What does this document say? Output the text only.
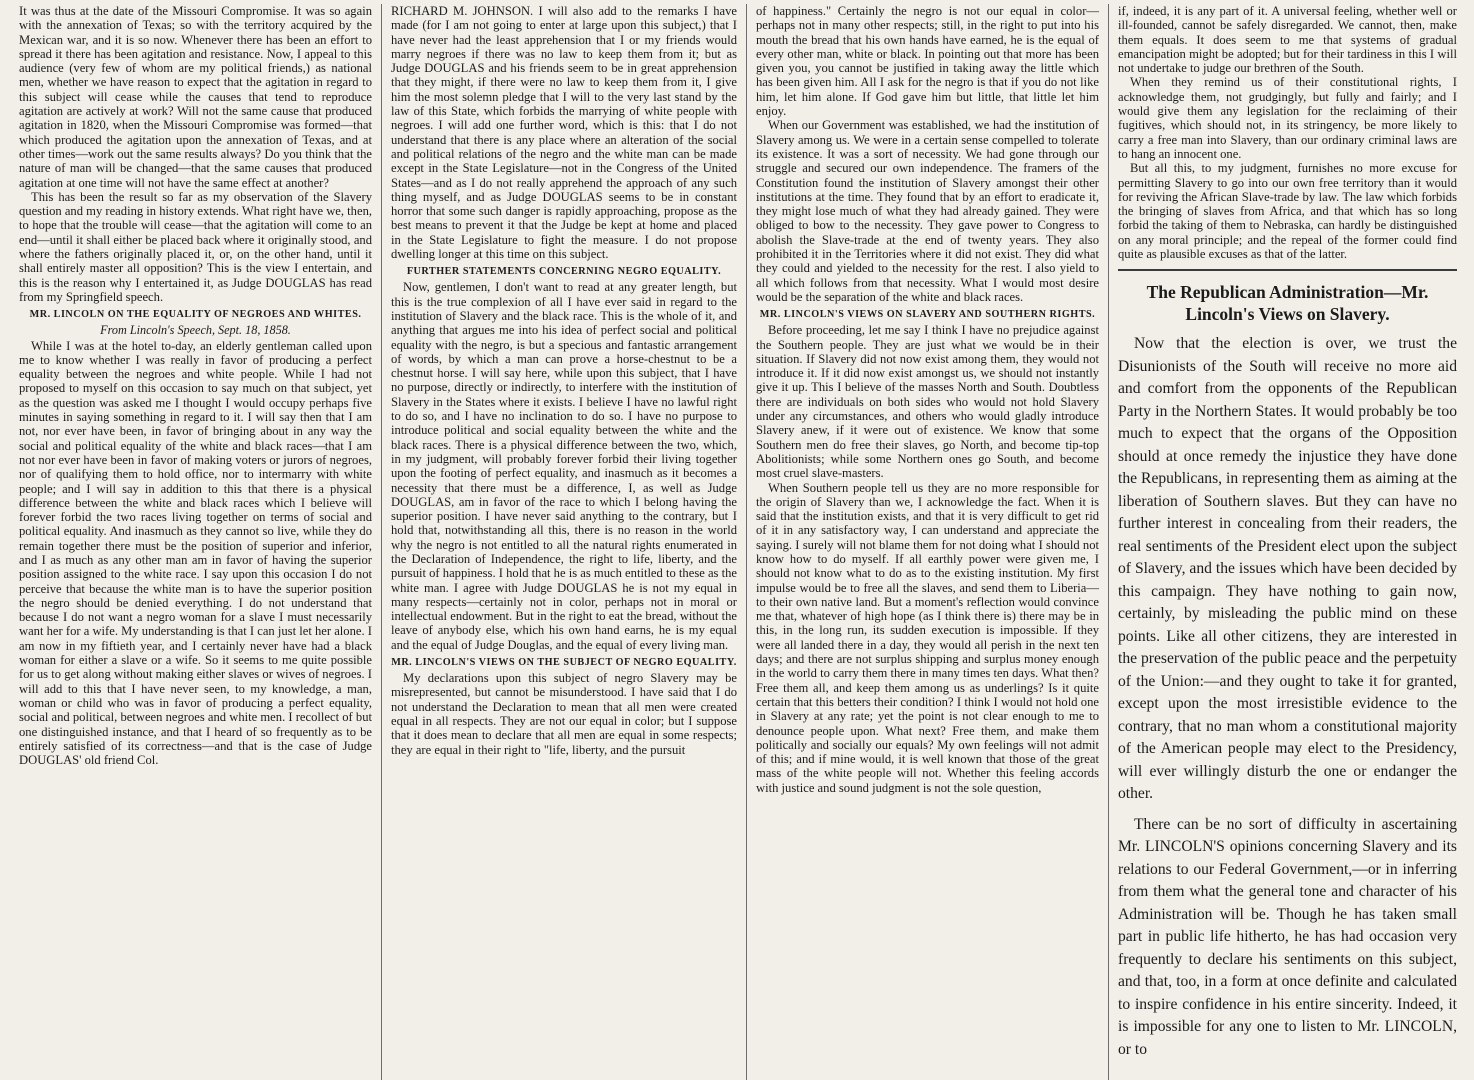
It was thus at the date of the Missouri Compromise. It was so again with the annexation of Texas; so with the territory acquired by the Mexican war, and it is so now. Whenever there has been an effort to spread it there has been agitation and resistance. Now, I appeal to this audience (very few of whom are my political friends,) as national men, whether we have reason to expect that the agitation in regard to this subject will cease while the causes that tend to reproduce agitation are actively at work? Will not the same cause that produced agitation in 1820, when the Missouri Compromise was formed—that which produced the agitation upon the annexation of Texas, and at other times—work out the same results always? Do you think that the nature of man will be changed—that the same causes that produced agitation at one time will not have the same effect at another?

This has been the result so far as my observation of the Slavery question and my reading in history extends. What right have we, then, to hope that the trouble will cease—that the agitation will come to an end—until it shall either be placed back where it originally stood, and where the fathers originally placed it, or, on the other hand, until it shall entirely master all opposition? This is the view I entertain, and this is the reason why I entertained it, as Judge DOUGLAS has read from my Springfield speech.

MR. LINCOLN ON THE EQUALITY OF NEGROES AND WHITES.
From Lincoln's Speech, Sept. 18, 1858.

While I was at the hotel to-day, an elderly gentleman called upon me to know whether I was really in favor of producing a perfect equality between the negroes and white people. While I had not proposed to myself on this occasion to say much on that subject, yet as the question was asked me I thought I would occupy perhaps five minutes in saying something in regard to it. I will say then that I am not, nor ever have been, in favor of bringing about in any way the social and political equality of the white and black races—that I am not nor ever have been in favor of making voters or jurors of negroes, nor of qualifying them to hold office, nor to intermarry with white people; and I will say in addition to this that there is a physical difference between the white and black races which I believe will forever forbid the two races living together on terms of social and political equality. And inasmuch as they cannot so live, while they do remain together there must be the position of superior and inferior, and I as much as any other man am in favor of having the superior position assigned to the white race. I say upon this occasion I do not perceive that because the white man is to have the superior position the negro should be denied everything. I do not understand that because I do not want a negro woman for a slave I must necessarily want her for a wife. My understanding is that I can just let her alone. I am now in my fiftieth year, and I certainly never have had a black woman for either a slave or a wife. So it seems to me quite possible for us to get along without making either slaves or wives of negroes. I will add to this that I have never seen, to my knowledge, a man, woman or child who was in favor of producing a perfect equality, social and political, between negroes and white men. I recollect of but one distinguished instance, and that I heard of so frequently as to be entirely satisfied of its correctness—and that is the case of Judge DOUGLAS' old friend Col.

RICHARD M. JOHNSON. I will also add to the remarks I have made (for I am not going to enter at large upon this subject,) that I have never had the least apprehension that I or my friends would marry negroes if there was no law to keep them from it; but as Judge DOUGLAS and his friends seem to be in great apprehension that they might, if there were no law to keep them from it, I give him the most solemn pledge that I will to the very last stand by the law of this State, which forbids the marrying of white people with negroes. I will add one further word, which is this: that I do not understand that there is any place where an alteration of the social and political relations of the negro and the white man can be made except in the State Legislature—not in the Congress of the United States—and as I do not really apprehend the approach of any such thing myself, and as Judge DOUGLAS seems to be in constant horror that some such danger is rapidly approaching, propose as the best means to prevent it that the Judge be kept at home and placed in the State Legislature to fight the measure. I do not propose dwelling longer at this time on this subject.

FURTHER STATEMENTS CONCERNING NEGRO EQUALITY.

Now, gentlemen, I don't want to read at any greater length, but this is the true complexion of all I have ever said in regard to the institution of Slavery and the black race. This is the whole of it, and anything that argues me into his idea of perfect social and political equality with the negro, is but a specious and fantastic arrangement of words, by which a man can prove a horse-chestnut to be a chestnut horse. I will say here, while upon this subject, that I have no purpose, directly or indirectly, to interfere with the institution of Slavery in the States where it exists. I believe I have no lawful right to do so, and I have no inclination to do so. I have no purpose to introduce political and social equality between the white and the black races. There is a physical difference between the two, which, in my judgment, will probably forever forbid their living together upon the footing of perfect equality, and inasmuch as it becomes a necessity that there must be a difference, I, as well as Judge DOUGLAS, am in favor of the race to which I belong having the superior position. I have never said anything to the contrary, but I hold that, notwithstanding all this, there is no reason in the world why the negro is not entitled to all the natural rights enumerated in the Declaration of Independence, the right to life, liberty, and the pursuit of happiness. I hold that he is as much entitled to these as the white man. I agree with Judge DOUGLAS he is not my equal in many respects—certainly not in color, perhaps not in moral or intellectual endowment. But in the right to eat the bread, without the leave of anybody else, which his own hand earns, he is my equal and the equal of Judge Douglas, and the equal of every living man.

MR. LINCOLN'S VIEWS ON THE SUBJECT OF NEGRO EQUALITY.

My declarations upon this subject of negro Slavery may be misrepresented, but cannot be misunderstood. I have said that I do not understand the Declaration to mean that all men were created equal in all respects. They are not our equal in color; but I suppose that it does mean to declare that all men are equal in some respects; they are equal in their right to "life, liberty, and the pursuit

of happiness." Certainly the negro is not our equal in color—perhaps not in many other respects; still, in the right to put into his mouth the bread that his own hands have earned, he is the equal of every other man, white or black. In pointing out that more has been given you, you cannot be justified in taking away the little which has been given him. All I ask for the negro is that if you do not like him, let him alone. If God gave him but little, that little let him enjoy.

When our Government was established, we had the institution of Slavery among us. We were in a certain sense compelled to tolerate its existence. It was a sort of necessity. We had gone through our struggle and secured our own independence. The framers of the Constitution found the institution of Slavery amongst their other institutions at the time. They found that by an effort to eradicate it, they might lose much of what they had already gained. They were obliged to bow to the necessity. They gave power to Congress to abolish the Slave-trade at the end of twenty years. They also prohibited it in the Territories where it did not exist. They did what they could and yielded to the necessity for the rest. I also yield to all which follows from that necessity. What I would most desire would be the separation of the white and black races.

MR. LINCOLN'S VIEWS ON SLAVERY AND SOUTHERN RIGHTS.

Before proceeding, let me say I think I have no prejudice against the Southern people. They are just what we would be in their situation. If Slavery did not now exist among them, they would not introduce it. If it did now exist amongst us, we should not instantly give it up. This I believe of the masses North and South. Doubtless there are individuals on both sides who would not hold Slavery under any circumstances, and others who would gladly introduce Slavery anew, if it were out of existence. We know that some Southern men do free their slaves, go North, and become tip-top Abolitionists; while some Northern ones go South, and become most cruel slave-masters.

When Southern people tell us they are no more responsible for the origin of Slavery than we, I acknowledge the fact. When it is said that the institution exists, and that it is very difficult to get rid of it in any satisfactory way, I can understand and appreciate the saying. I surely will not blame them for not doing what I should not know how to do myself. If all earthly power were given me, I should not know what to do as to the existing institution. My first impulse would be to free all the slaves, and send them to Liberia—to their own native land. But a moment's reflection would convince me that, whatever of high hope (as I think there is) there may be in this, in the long run, its sudden execution is impossible. If they were all landed there in a day, they would all perish in the next ten days; and there are not surplus shipping and surplus money enough in the world to carry them there in many times ten days. What then? Free them all, and keep them among us as underlings? Is it quite certain that this betters their condition? I think I would not hold one in Slavery at any rate; yet the point is not clear enough to me to denounce people upon. What next? Free them, and make them politically and socially our equals? My own feelings will not admit of this; and if mine would, it is well known that those of the great mass of the white people will not. Whether this feeling accords with justice and sound judgment is not the sole question,

if, indeed, it is any part of it. A universal feeling, whether well or ill-founded, cannot be safely disregarded. We cannot, then, make them equals. It does seem to me that systems of gradual emancipation might be adopted; but for their tardiness in this I will not undertake to judge our brethren of the South.

When they remind us of their constitutional rights, I acknowledge them, not grudgingly, but fully and fairly; and I would give them any legislation for the reclaiming of their fugitives, which should not, in its stringency, be more likely to carry a free man into Slavery, than our ordinary criminal laws are to hang an innocent one.

But all this, to my judgment, furnishes no more excuse for permitting Slavery to go into our own free territory than it would for reviving the African Slave-trade by law. The law which forbids the bringing of slaves from Africa, and that which has so long forbid the taking of them to Nebraska, can hardly be distinguished on any moral principle; and the repeal of the former could find quite as plausible excuses as that of the latter.

The Republican Administration—Mr. Lincoln's Views on Slavery.

Now that the election is over, we trust the Disunionists of the South will receive no more aid and comfort from the opponents of the Republican Party in the Northern States. It would probably be too much to expect that the organs of the Opposition should at once remedy the injustice they have done the Republicans, in representing them as aiming at the liberation of Southern slaves. But they can have no further interest in concealing from their readers, the real sentiments of the President elect upon the subject of Slavery, and the issues which have been decided by this campaign. They have nothing to gain now, certainly, by misleading the public mind on these points. Like all other citizens, they are interested in the preservation of the public peace and the perpetuity of the Union:—and they ought to take it for granted, except upon the most irresistible evidence to the contrary, that no man whom a constitutional majority of the American people may elect to the Presidency, will ever willingly disturb the one or endanger the other.

There can be no sort of difficulty in ascertaining Mr. LINCOLN'S opinions concerning Slavery and its relations to our Federal Government,—or in inferring from them what the general tone and character of his Administration will be. Though he has taken small part in public life hitherto, he has had occasion very frequently to declare his sentiments on this subject, and that, too, in a form at once definite and calculated to inspire confidence in his entire sincerity. Indeed, it is impossible for any one to listen to Mr. LINCOLN, or to
